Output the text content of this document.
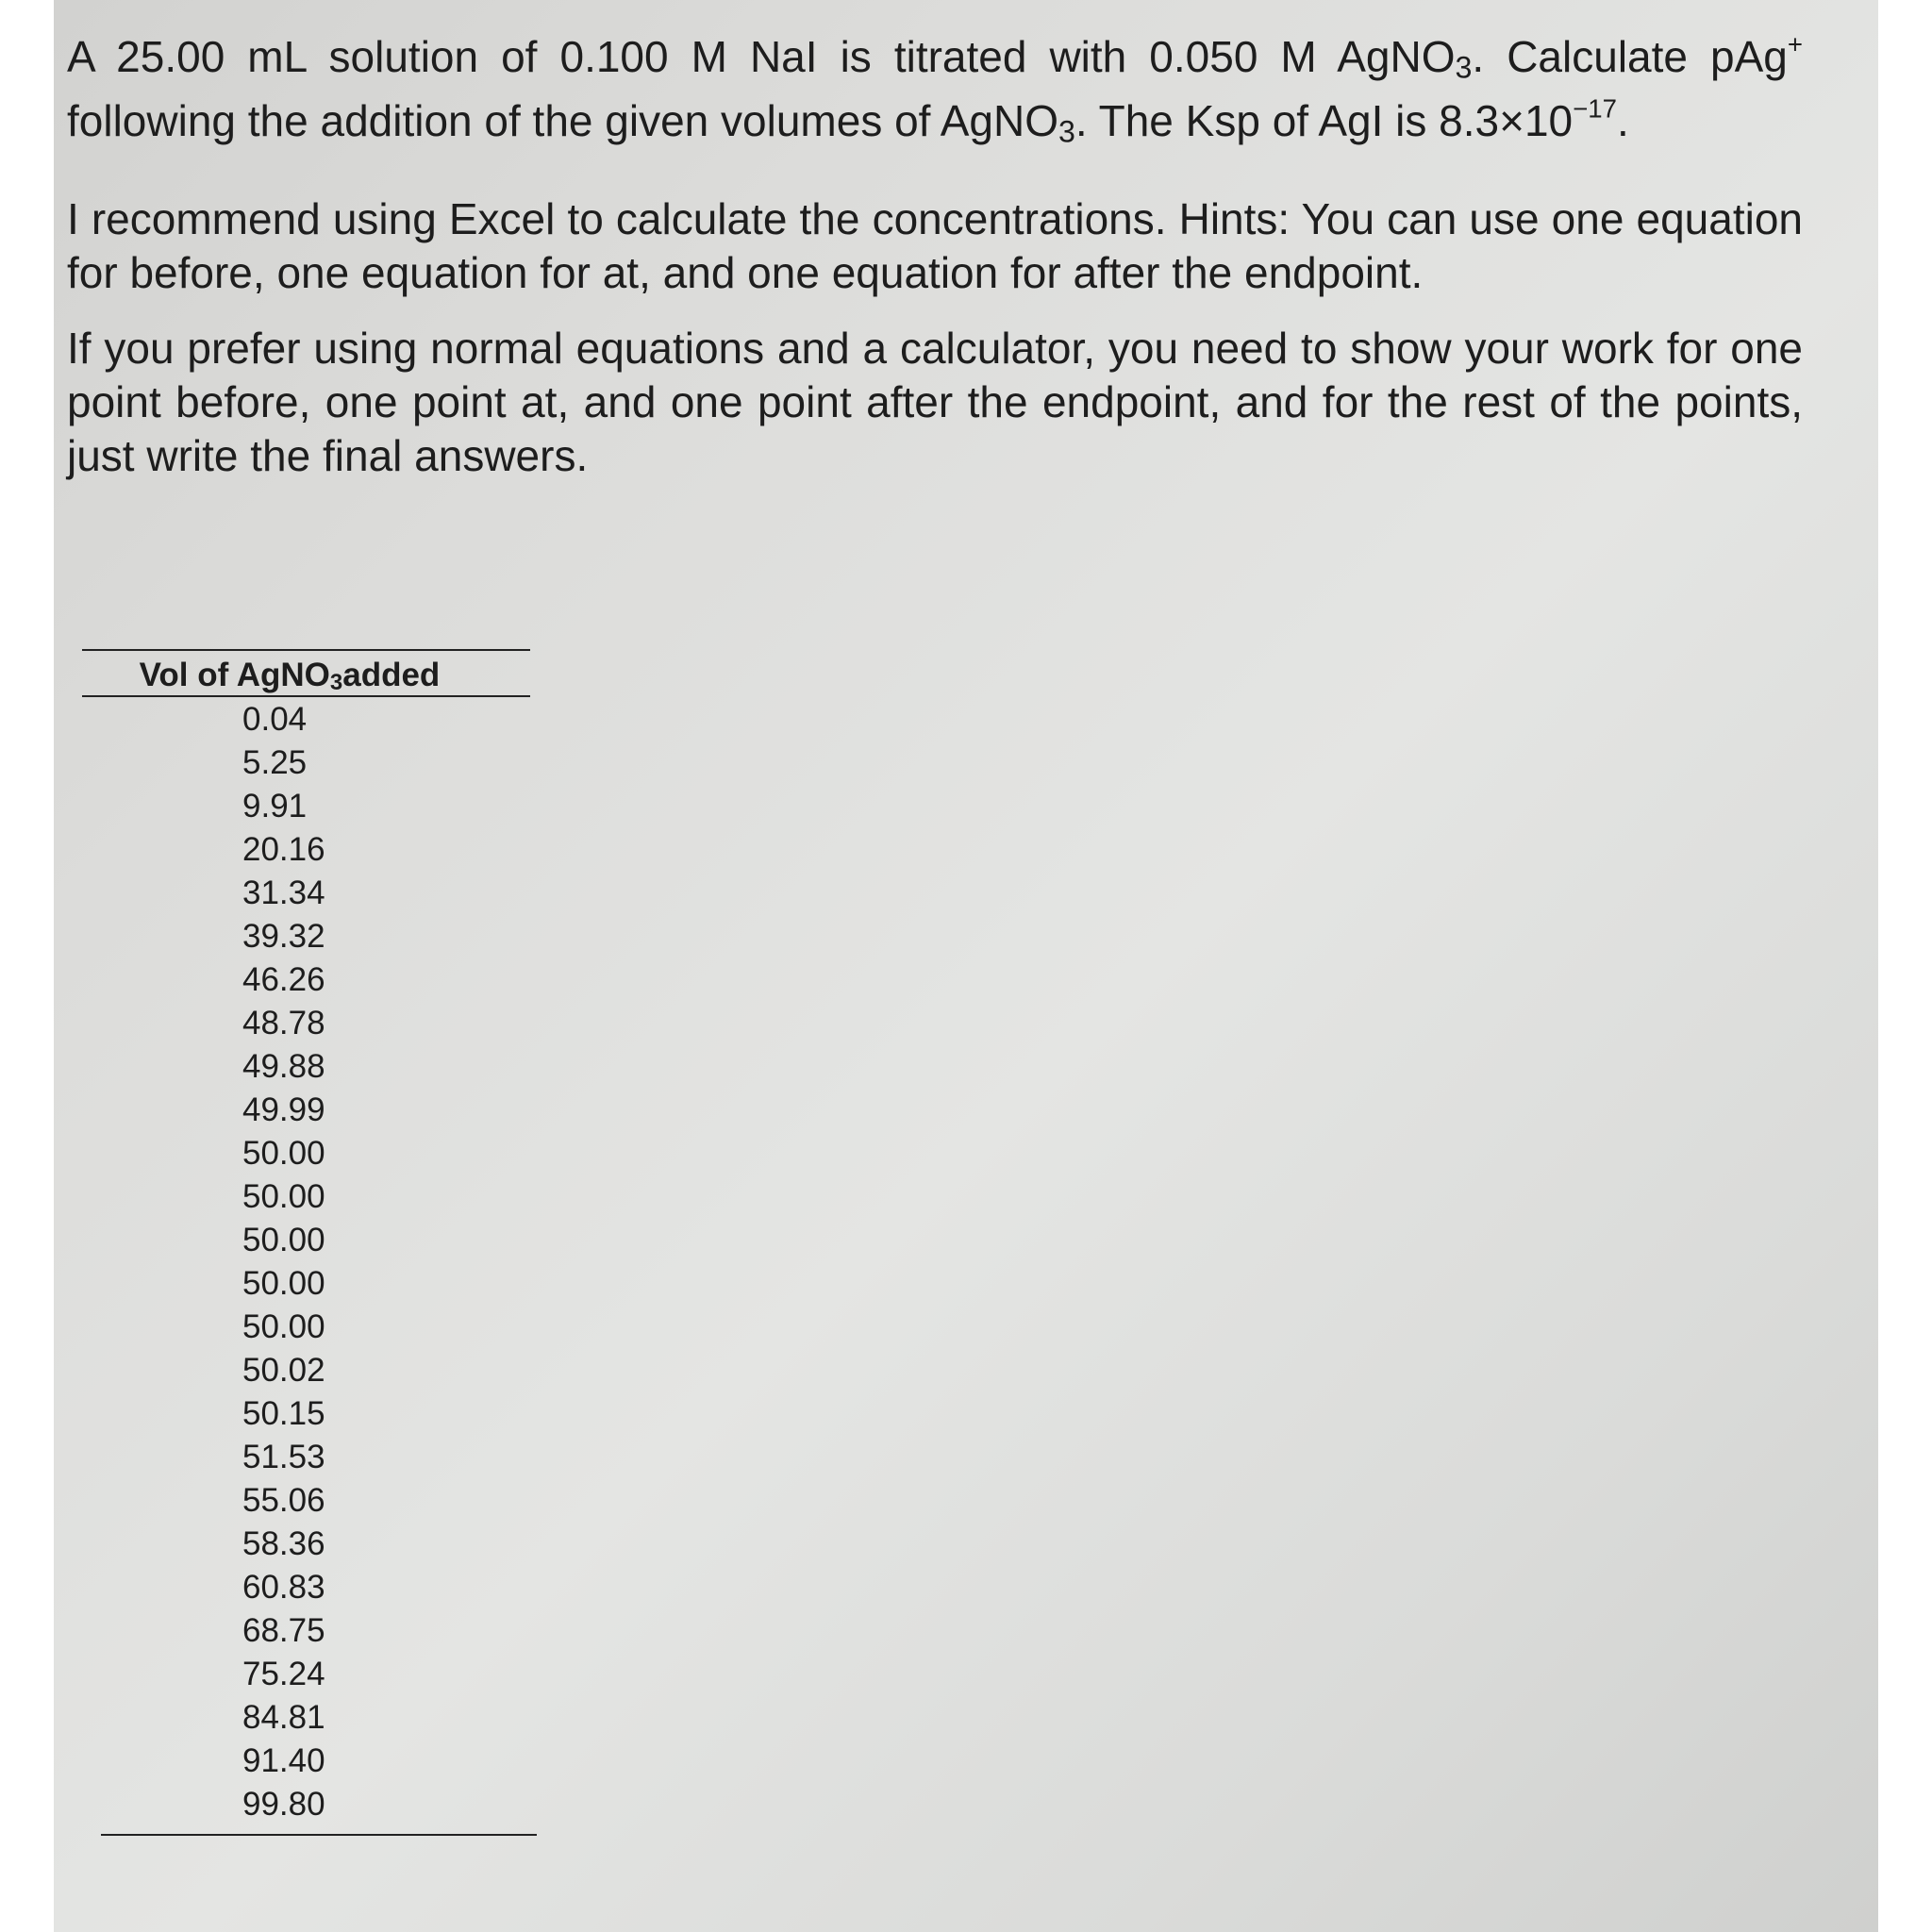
A 25.00 mL solution of 0.100 M NaI is titrated with 0.050 M AgNO$_3$. Calculate pAg+ following the addition of the given volumes of AgNO$_3$. The Ksp of AgI is $8.3\times 10^{-17}$.

I recommend using Excel to calculate the concentrations. Hints: You can use one equation for before, one equation for at, and one equation for after the endpoint.

If you prefer using normal equations and a calculator, you need to show your work for one point before, one point at, and one point after the endpoint, and for the rest of the points, just write the final answers.

Vol of AgNO$_3$added

0.04
5.25
9.91
20.16
31.34
39.32
46.26
48.78
49.88
49.99
50.00
50.00
50.00
50.00
50.00
50.02
50.15
51.53
55.06
58.36
60.83
68.75
75.24
84.81
91.40
99.80
